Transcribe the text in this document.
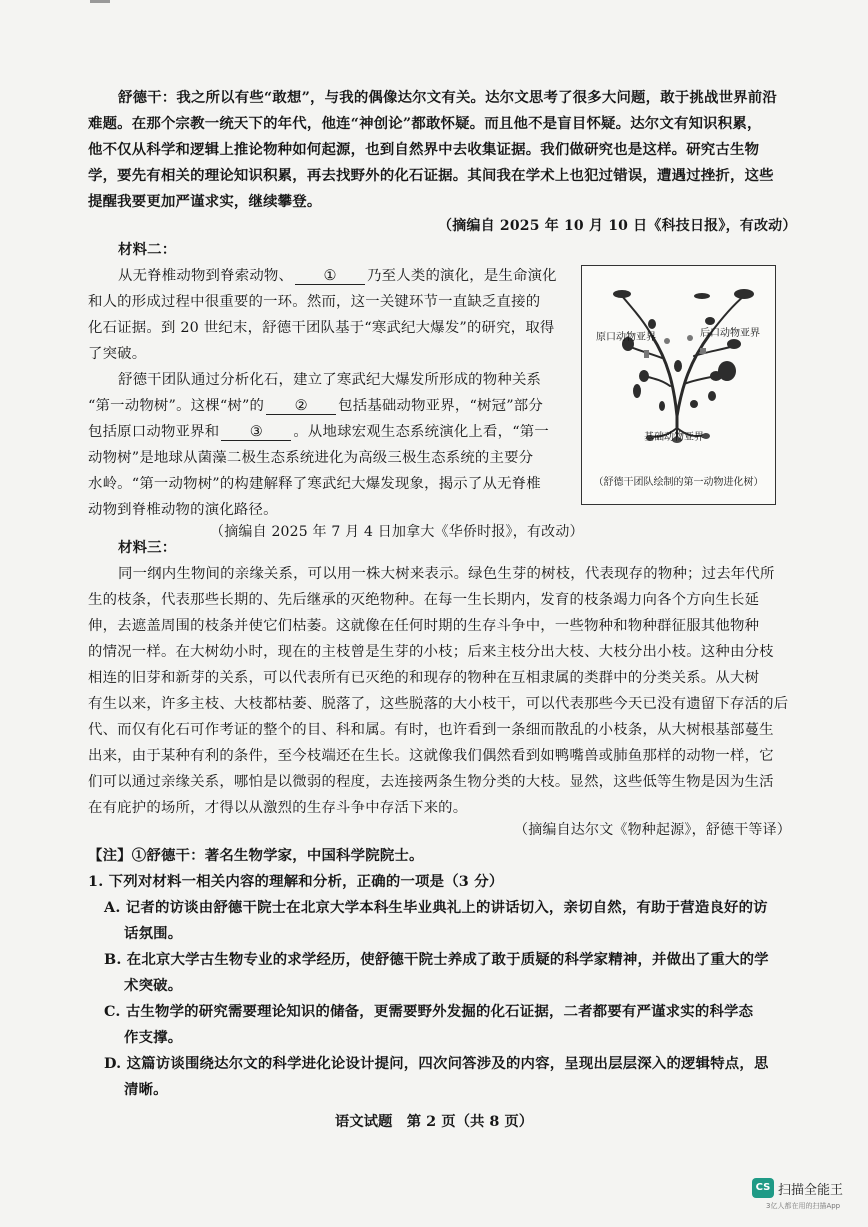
舒德干：我之所以有些“敢想”，与我的偶像达尔文有关。达尔文思考了很多大问题，敢于挑战世界前沿
难题。在那个宗教一统天下的年代，他连“神创论”都敢怀疑。而且他不是盲目怀疑。达尔文有知识积累，
他不仅从科学和逻辑上推论物种如何起源，也到自然界中去收集证据。我们做研究也是这样。研究古生物
学，要先有相关的理论知识积累，再去找野外的化石证据。其间我在学术上也犯过错误，遭遇过挫折，这些
提醒我要更加严谨求实，继续攀登。
（摘编自 2025 年 10 月 10 日《科技日报》，有改动）
材料二：
从无脊椎动物到脊索动物、 ① 乃至人类的演化，是生命演化
和人的形成过程中很重要的一环。然而，这一关键环节一直缺乏直接的
化石证据。到 20 世纪末，舒德干团队基于“寒武纪大爆发”的研究，取得
了突破。
舒德干团队通过分析化石，建立了寒武纪大爆发所形成的物种关系
“第一动物树”。这棵“树”的 ② 包括基础动物亚界，“树冠”部分
包括原口动物亚界和 ③ 。从地球宏观生态系统演化上看，“第一
动物树”是地球从菌藻二极生态系统进化为高级三极生态系统的主要分
水岭。“第一动物树”的构建解释了寒武纪大爆发现象，揭示了从无脊椎
动物到脊椎动物的演化路径。
（摘编自 2025 年 7 月 4 日加拿大《华侨时报》，有改动）
原口动物亚界	后口动物亚界
基础动物亚界
（舒德干团队绘制的第一动物进化树）
材料三：
同一纲内生物间的亲缘关系，可以用一株大树来表示。绿色生芽的树枝，代表现存的物种；过去年代所
生的枝条，代表那些长期的、先后继承的灭绝物种。在每一生长期内，发育的枝条竭力向各个方向生长延
伸，去遮盖周围的枝条并使它们枯萎。这就像在任何时期的生存斗争中，一些物种和物种群征服其他物种
的情况一样。在大树幼小时，现在的主枝曾是生芽的小枝；后来主枝分出大枝、大枝分出小枝。这种由分枝
相连的旧芽和新芽的关系，可以代表所有已灭绝的和现存的物种在互相隶属的类群中的分类关系。从大树
有生以来，许多主枝、大枝都枯萎、脱落了，这些脱落的大小枝干，可以代表那些今天已没有遗留下存活的后
代、而仅有化石可作考证的整个的目、科和属。有时，也许看到一条细而散乱的小枝条，从大树根基部蔓生
出来，由于某种有利的条件，至今枝端还在生长。这就像我们偶然看到如鸭嘴兽或肺鱼那样的动物一样，它
们可以通过亲缘关系，哪怕是以微弱的程度，去连接两条生物分类的大枝。显然，这些低等生物是因为生活
在有庇护的场所，才得以从激烈的生存斗争中存活下来的。
（摘编自达尔文《物种起源》，舒德干等译）
【注】①舒德干：著名生物学家，中国科学院院士。
1. 下列对材料一相关内容的理解和分析，正确的一项是（3 分）
A. 记者的访谈由舒德干院士在北京大学本科生毕业典礼上的讲话切入，亲切自然，有助于营造良好的访
话氛围。
B. 在北京大学古生物专业的求学经历，使舒德干院士养成了敢于质疑的科学家精神，并做出了重大的学
术突破。
C. 古生物学的研究需要理论知识的储备，更需要野外发掘的化石证据，二者都要有严谨求实的科学态
作支撑。
D. 这篇访谈围绕达尔文的科学进化论设计提问，四次问答涉及的内容，呈现出层层深入的逻辑特点，思
清晰。
语文试题　第 2 页（共 8 页）
CS 扫描全能王
3亿人都在用的扫描App
